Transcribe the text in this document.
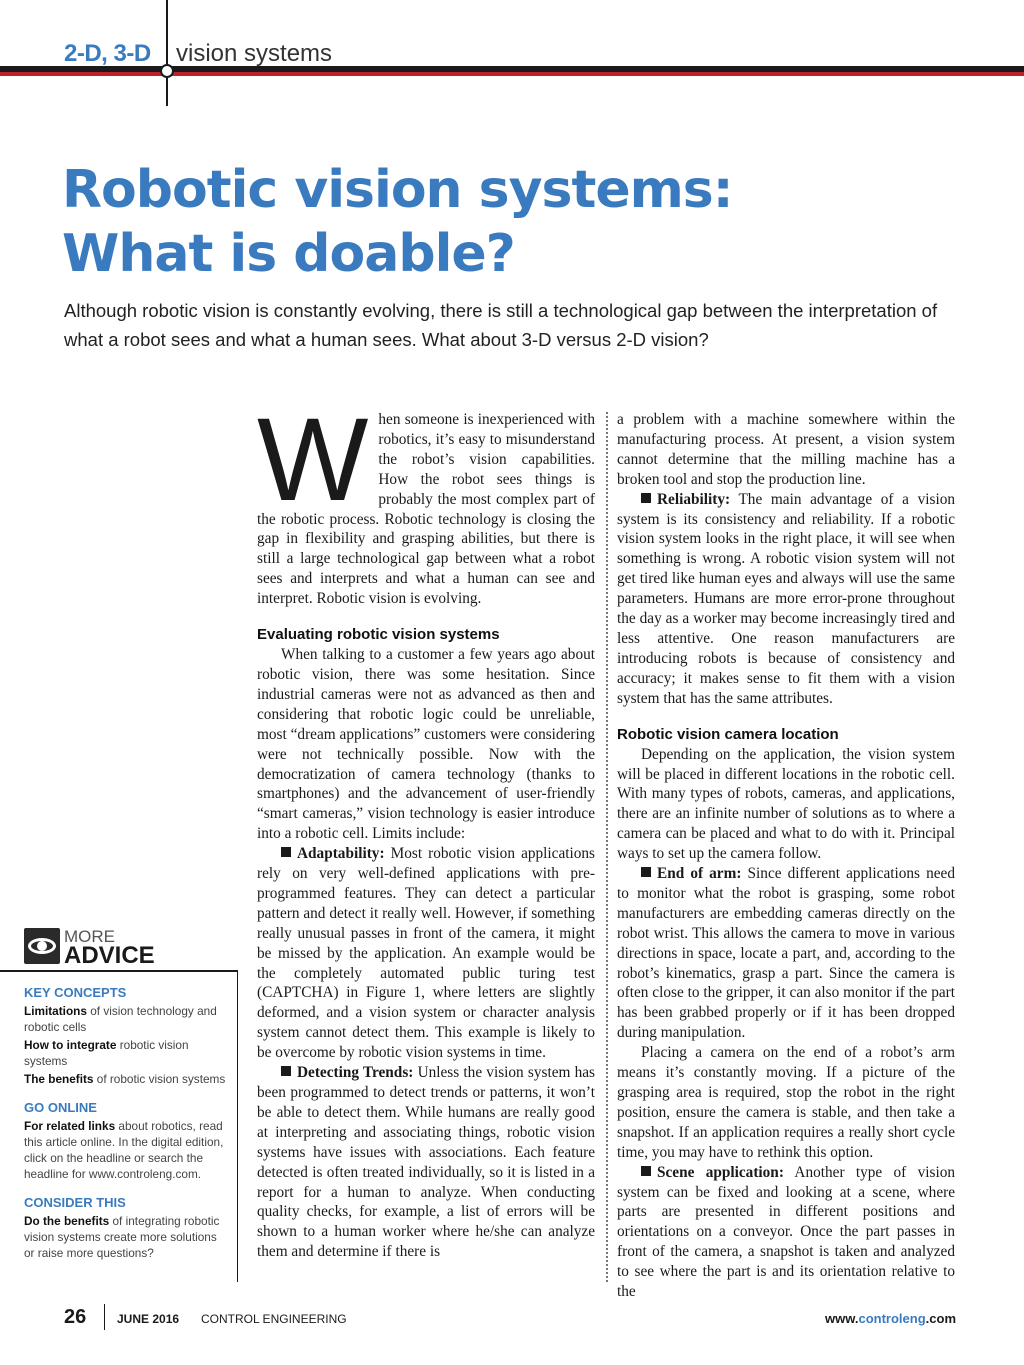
2-D, 3-D vision systems
Robotic vision systems:
What is doable?

Although robotic vision is constantly evolving, there is still a technological gap between the interpretation of what a robot sees and what a human sees. What about 3-D versus 2-D vision?

When someone is inexperienced with robotics, it’s easy to misunderstand the robot’s vision capabilities. How the robot sees things is probably the most complex part of the robotic process. Robotic technology is closing the gap in flexibility and grasping abilities, but there is still a large technological gap between what a robot sees and interprets and what a human can see and interpret. Robotic vision is evolving.

Evaluating robotic vision systems

When talking to a customer a few years ago about robotic vision, there was some hesitation. Since industrial cameras were not as advanced as then and considering that robotic logic could be unreliable, most “dream applications” customers were considering were not technically possible. Now with the democratization of camera technology (thanks to smartphones) and the advancement of user-friendly “smart cameras,” vision technology is easier introduce into a robotic cell. Limits include:

Adaptability: Most robotic vision applications rely on very well-defined applications with pre-programmed features. They can detect a particular pattern and detect it really well. However, if something really unusual passes in front of the camera, it might be missed by the application. An example would be the completely automated public turing test (CAPTCHA) in Figure 1, where letters are slightly deformed, and a vision system or character analysis system cannot detect them. This example is likely to be overcome by robotic vision systems in time.

Detecting Trends: Unless the vision system has been programmed to detect trends or patterns, it won’t be able to detect them. While humans are really good at interpreting and associating things, robotic vision systems have issues with associations. Each feature detected is often treated individually, so it is listed in a report for a human to analyze. When conducting quality checks, for example, a list of errors will be shown to a human worker where he/she can analyze them and determine if there is

a problem with a machine somewhere within the manufacturing process. At present, a vision system cannot determine that the milling machine has a broken tool and stop the production line.

Reliability: The main advantage of a vision system is its consistency and reliability. If a robotic vision system looks in the right place, it will see when something is wrong. A robotic vision system will not get tired like human eyes and always will use the same parameters. Humans are more error-prone throughout the day as a worker may become increasingly tired and less attentive. One reason manufacturers are introducing robots is because of consistency and accuracy; it makes sense to fit them with a vision system that has the same attributes.

Robotic vision camera location

Depending on the application, the vision system will be placed in different locations in the robotic cell. With many types of robots, cameras, and applications, there are an infinite number of solutions as to where a camera can be placed and what to do with it. Principal ways to set up the camera follow.

End of arm: Since different applications need to monitor what the robot is grasping, some robot manufacturers are embedding cameras directly on the robot wrist. This allows the camera to move in various directions in space, locate a part, and, according to the robot’s kinematics, grasp a part. Since the camera is often close to the gripper, it can also monitor if the part has been grabbed properly or if it has been dropped during manipulation.

Placing a camera on the end of a robot’s arm means it’s constantly moving. If a picture of the grasping area is required, stop the robot in the right position, ensure the camera is stable, and then take a snapshot. If an application requires a really short cycle time, you may have to rethink this option.

Scene application: Another type of vision system can be fixed and looking at a scene, where parts are presented in different positions and orientations on a conveyor. Once the part passes in front of the camera, a snapshot is taken and analyzed to see where the part is and its orientation relative to the

MORE
ADVICE
KEY CONCEPTS

Limitations of vision technology and robotic cells

How to integrate robotic vision systems

The benefits of robotic vision systems

GO ONLINE

For related links about robotics, read this article online. In the digital edition, click on the headline or search the headline for www.controleng.com.

CONSIDER THIS

Do the benefits of integrating robotic vision systems create more solutions or raise more questions?

26	JUNE 2016 CONTROL ENGINEERING	www.controleng.com
